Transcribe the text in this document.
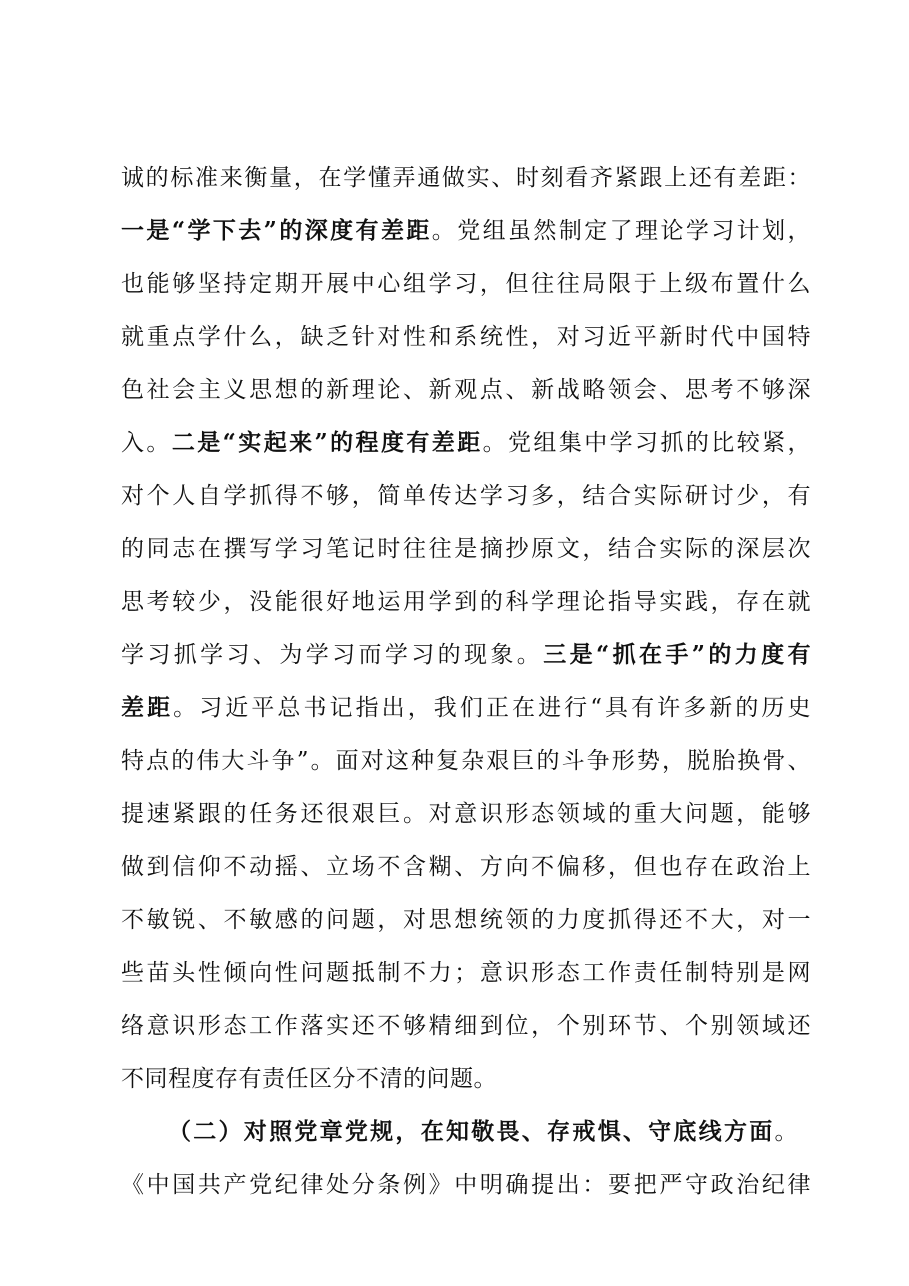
诚的标准来衡量，在学懂弄通做实、时刻看齐紧跟上还有差距：
一是“学下去”的深度有差距。党组虽然制定了理论学习计划，
也能够坚持定期开展中心组学习，但往往局限于上级布置什么
就重点学什么，缺乏针对性和系统性，对习近平新时代中国特
色社会主义思想的新理论、新观点、新战略领会、思考不够深
入。二是“实起来”的程度有差距。党组集中学习抓的比较紧，
对个人自学抓得不够，简单传达学习多，结合实际研讨少，有
的同志在撰写学习笔记时往往是摘抄原文，结合实际的深层次
思考较少，没能很好地运用学到的科学理论指导实践，存在就
学习抓学习、为学习而学习的现象。三是“抓在手”的力度有
差距。习近平总书记指出，我们正在进行“具有许多新的历史
特点的伟大斗争”。面对这种复杂艰巨的斗争形势，脱胎换骨、
提速紧跟的任务还很艰巨。对意识形态领域的重大问题，能够
做到信仰不动摇、立场不含糊、方向不偏移，但也存在政治上
不敏锐、不敏感的问题，对思想统领的力度抓得还不大，对一
些苗头性倾向性问题抵制不力；意识形态工作责任制特别是网
络意识形态工作落实还不够精细到位，个别环节、个别领域还
不同程度存有责任区分不清的问题。
（二）对照党章党规，在知敬畏、存戒惧、守底线方面。
《中国共产党纪律处分条例》中明确提出：要把严守政治纪律
